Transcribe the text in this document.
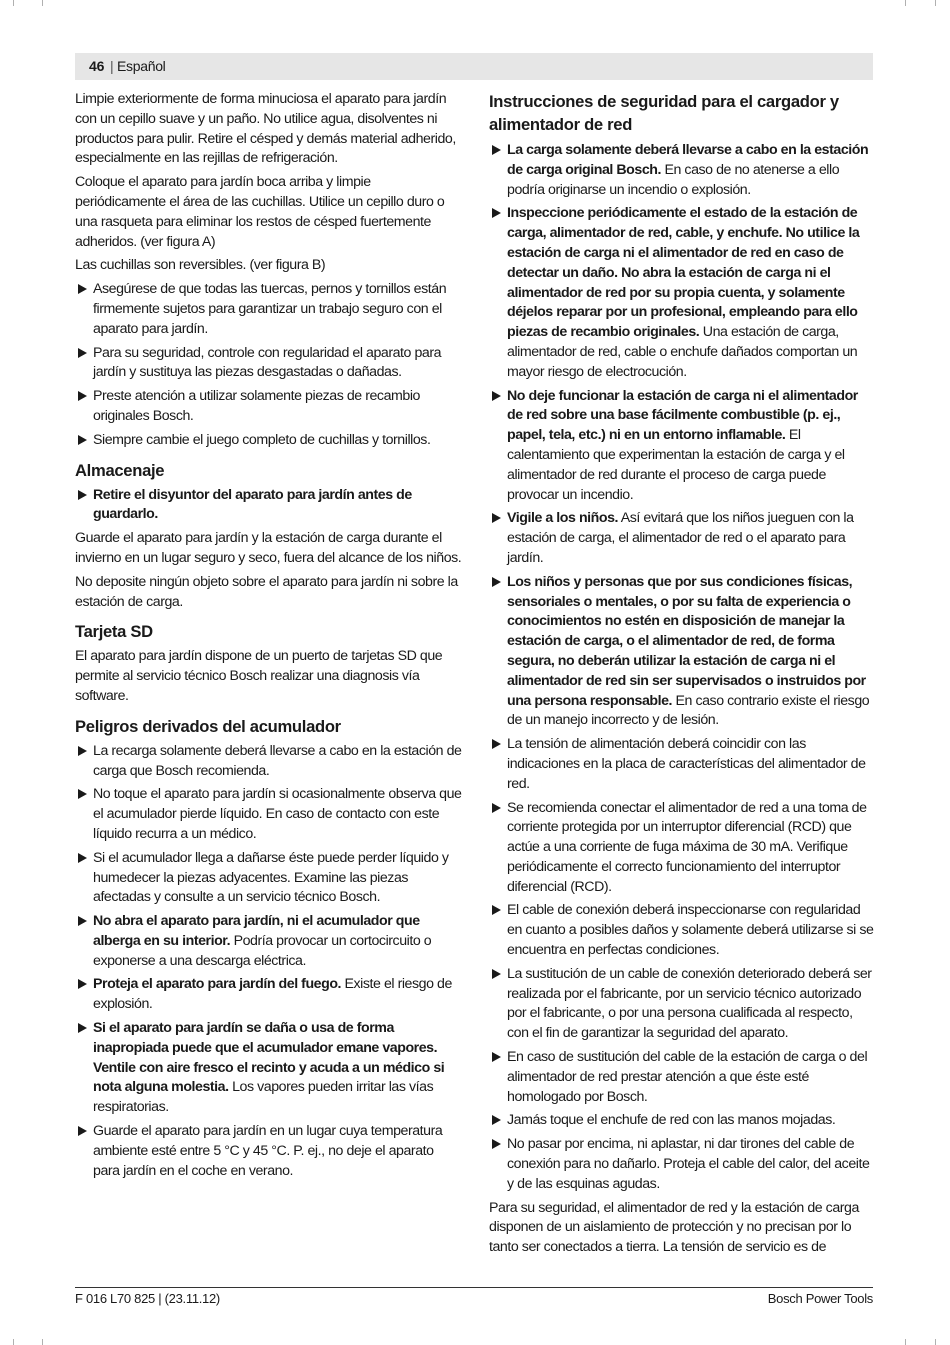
46 | Español

Limpie exteriormente de forma minuciosa el aparato para jardín con un cepillo suave y un paño. No utilice agua, disolventes ni productos para pulir. Retire el césped y demás material adherido, especialmente en las rejillas de refrigeración.

Coloque el aparato para jardín boca arriba y limpie periódicamente el área de las cuchillas. Utilice un cepillo duro o una rasqueta para eliminar los restos de césped fuertemente adheridos. (ver figura A)

Las cuchillas son reversibles. (ver figura B)

Asegúrese de que todas las tuercas, pernos y tornillos están firmemente sujetos para garantizar un trabajo seguro con el aparato para jardín.
Para su seguridad, controle con regularidad el aparato para jardín y sustituya las piezas desgastadas o dañadas.
Preste atención a utilizar solamente piezas de recambio originales Bosch.
Siempre cambie el juego completo de cuchillas y tornillos.
Almacenaje
Retire el disyuntor del aparato para jardín antes de guardarlo.

Guarde el aparato para jardín y la estación de carga durante el invierno en un lugar seguro y seco, fuera del alcance de los niños.

No deposite ningún objeto sobre el aparato para jardín ni sobre la estación de carga.

Tarjeta SD

El aparato para jardín dispone de un puerto de tarjetas SD que permite al servicio técnico Bosch realizar una diagnosis vía software.

Peligros derivados del acumulador
La recarga solamente deberá llevarse a cabo en la estación de carga que Bosch recomienda.
No toque el aparato para jardín si ocasionalmente observa que el acumulador pierde líquido. En caso de contacto con este líquido recurra a un médico.
Si el acumulador llega a dañarse éste puede perder líquido y humedecer la piezas adyacentes. Examine las piezas afectadas y consulte a un servicio técnico Bosch.
No abra el aparato para jardín, ni el acumulador que alberga en su interior. Podría provocar un cortocircuito o exponerse a una descarga eléctrica.
Proteja el aparato para jardín del fuego. Existe el riesgo de explosión.
Si el aparato para jardín se daña o usa de forma inapropiada puede que el acumulador emane vapores. Ventile con aire fresco el recinto y acuda a un médico si nota alguna molestia. Los vapores pueden irritar las vías respiratorias.
Guarde el aparato para jardín en un lugar cuya temperatura ambiente esté entre 5 °C y 45 °C. P. ej., no deje el aparato para jardín en el coche en verano.
Instrucciones de seguridad para el cargador y alimentador de red
La carga solamente deberá llevarse a cabo en la estación de carga original Bosch. En caso de no atenerse a ello podría originarse un incendio o explosión.
Inspeccione periódicamente el estado de la estación de carga, alimentador de red, cable, y enchufe. No utilice la estación de carga ni el alimentador de red en caso de detectar un daño. No abra la estación de carga ni el alimentador de red por su propia cuenta, y solamente déjelos reparar por un profesional, empleando para ello piezas de recambio originales. Una estación de carga, alimentador de red, cable o enchufe dañados comportan un mayor riesgo de electrocución.
No deje funcionar la estación de carga ni el alimentador de red sobre una base fácilmente combustible (p. ej., papel, tela, etc.) ni en un entorno inflamable. El calentamiento que experimentan la estación de carga y el alimentador de red durante el proceso de carga puede provocar un incendio.
Vigile a los niños. Así evitará que los niños jueguen con la estación de carga, el alimentador de red o el aparato para jardín.
Los niños y personas que por sus condiciones físicas, sensoriales o mentales, o por su falta de experiencia o conocimientos no estén en disposición de manejar la estación de carga, o el alimentador de red, de forma segura, no deberán utilizar la estación de carga ni el alimentador de red sin ser supervisados o instruidos por una persona responsable. En caso contrario existe el riesgo de un manejo incorrecto y de lesión.
La tensión de alimentación deberá coincidir con las indicaciones en la placa de características del alimentador de red.
Se recomienda conectar el alimentador de red a una toma de corriente protegida por un interruptor diferencial (RCD) que actúe a una corriente de fuga máxima de 30 mA. Verifique periódicamente el correcto funcionamiento del interruptor diferencial (RCD).
El cable de conexión deberá inspeccionarse con regularidad en cuanto a posibles daños y solamente deberá utilizarse si se encuentra en perfectas condiciones.
La sustitución de un cable de conexión deteriorado deberá ser realizada por el fabricante, por un servicio técnico autorizado por el fabricante, o por una persona cualificada al respecto, con el fin de garantizar la seguridad del aparato.
En caso de sustitución del cable de la estación de carga o del alimentador de red prestar atención a que éste esté homologado por Bosch.
Jamás toque el enchufe de red con las manos mojadas.
No pasar por encima, ni aplastar, ni dar tirones del cable de conexión para no dañarlo. Proteja el cable del calor, del aceite y de las esquinas agudas.

Para su seguridad, el alimentador de red y la estación de carga disponen de un aislamiento de protección y no precisan por lo tanto ser conectados a tierra. La tensión de servicio es de

F 016 L70 825 | (23.11.12)	Bosch Power Tools
